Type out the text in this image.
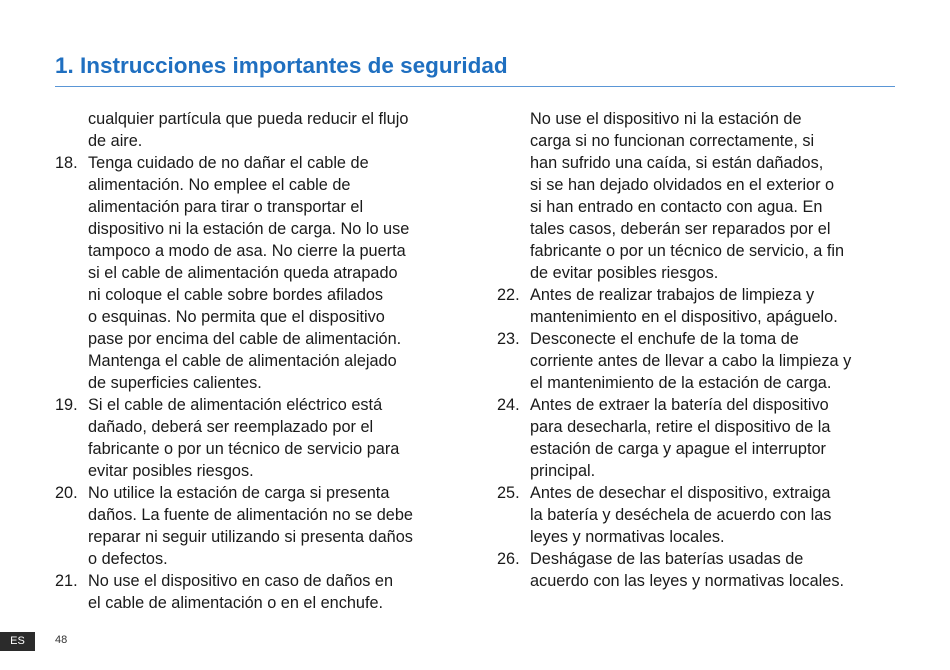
1. Instrucciones importantes de seguridad
cualquier partícula que pueda reducir el flujo
de aire.
18. Tenga cuidado de no dañar el cable de
alimentación. No emplee el cable de
alimentación para tirar o transportar el
dispositivo ni la estación de carga. No lo use
tampoco a modo de asa. No cierre la puerta
si el cable de alimentación queda atrapado
ni coloque el cable sobre bordes afilados
o esquinas. No permita que el dispositivo
pase por encima del cable de alimentación.
Mantenga el cable de alimentación alejado
de superficies calientes.
19. Si el cable de alimentación eléctrico está
dañado, deberá ser reemplazado por el
fabricante o por un técnico de servicio para
evitar posibles riesgos.
20. No utilice la estación de carga si presenta
daños. La fuente de alimentación no se debe
reparar ni seguir utilizando si presenta daños
o defectos.
21. No use el dispositivo en caso de daños en
el cable de alimentación o en el enchufe.
No use el dispositivo ni la estación de
carga si no funcionan correctamente, si
han sufrido una caída, si están dañados,
si se han dejado olvidados en el exterior o
si han entrado en contacto con agua. En
tales casos, deberán ser reparados por el
fabricante o por un técnico de servicio, a fin
de evitar posibles riesgos.
22. Antes de realizar trabajos de limpieza y
mantenimiento en el dispositivo, apáguelo.
23. Desconecte el enchufe de la toma de
corriente antes de llevar a cabo la limpieza y
el mantenimiento de la estación de carga.
24. Antes de extraer la batería del dispositivo
para desecharla, retire el dispositivo de la
estación de carga y apague el interruptor
principal.
25. Antes de desechar el dispositivo, extraiga
la batería y deséchela de acuerdo con las
leyes y normativas locales.
26. Deshágase de las baterías usadas de
acuerdo con las leyes y normativas locales.
ES	48
